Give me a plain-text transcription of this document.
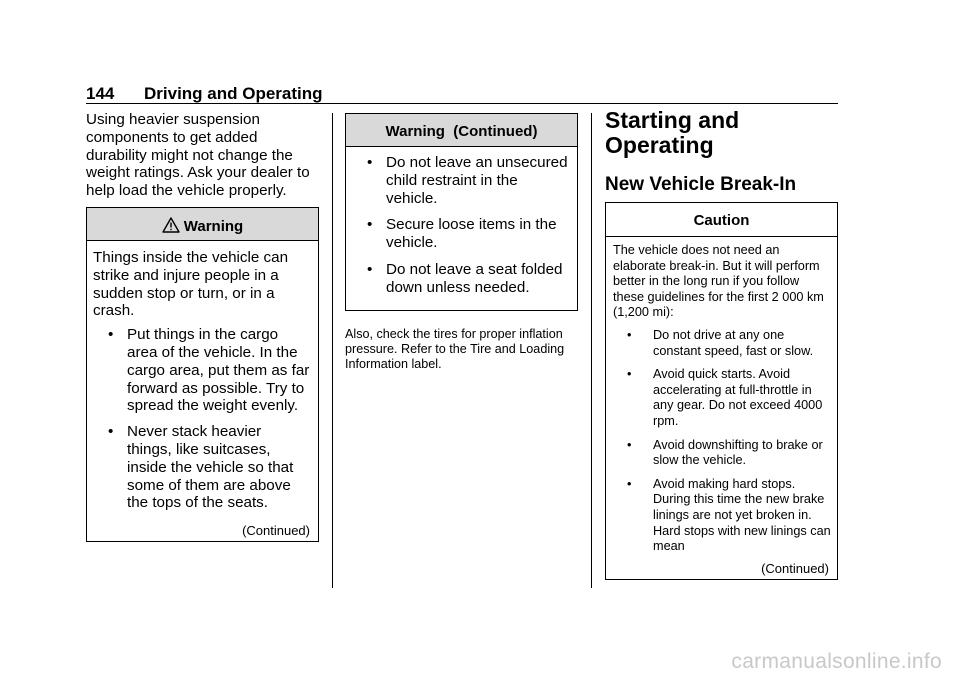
144 Driving and Operating
Using heavier suspension components to get added durability might not change the weight ratings. Ask your dealer to help load the vehicle properly.
Warning
Things inside the vehicle can strike and injure people in a sudden stop or turn, or in a crash.
• Put things in the cargo area of the vehicle. In the cargo area, put them as far forward as possible. Try to spread the weight evenly.
• Never stack heavier things, like suitcases, inside the vehicle so that some of them are above the tops of the seats.
(Continued)
Warning  (Continued)
• Do not leave an unsecured child restraint in the vehicle.
• Secure loose items in the vehicle.
• Do not leave a seat folded down unless needed.
Also, check the tires for proper inflation pressure. Refer to the Tire and Loading Information label.
Starting and Operating
New Vehicle Break-In
Caution
The vehicle does not need an elaborate break-in. But it will perform better in the long run if you follow these guidelines for the first 2 000 km (1,200 mi):
• Do not drive at any one constant speed, fast or slow.
• Avoid quick starts. Avoid accelerating at full-throttle in any gear. Do not exceed 4000 rpm.
• Avoid downshifting to brake or slow the vehicle.
• Avoid making hard stops. During this time the new brake linings are not yet broken in. Hard stops with new linings can mean
(Continued)
carmanualsonline.info
